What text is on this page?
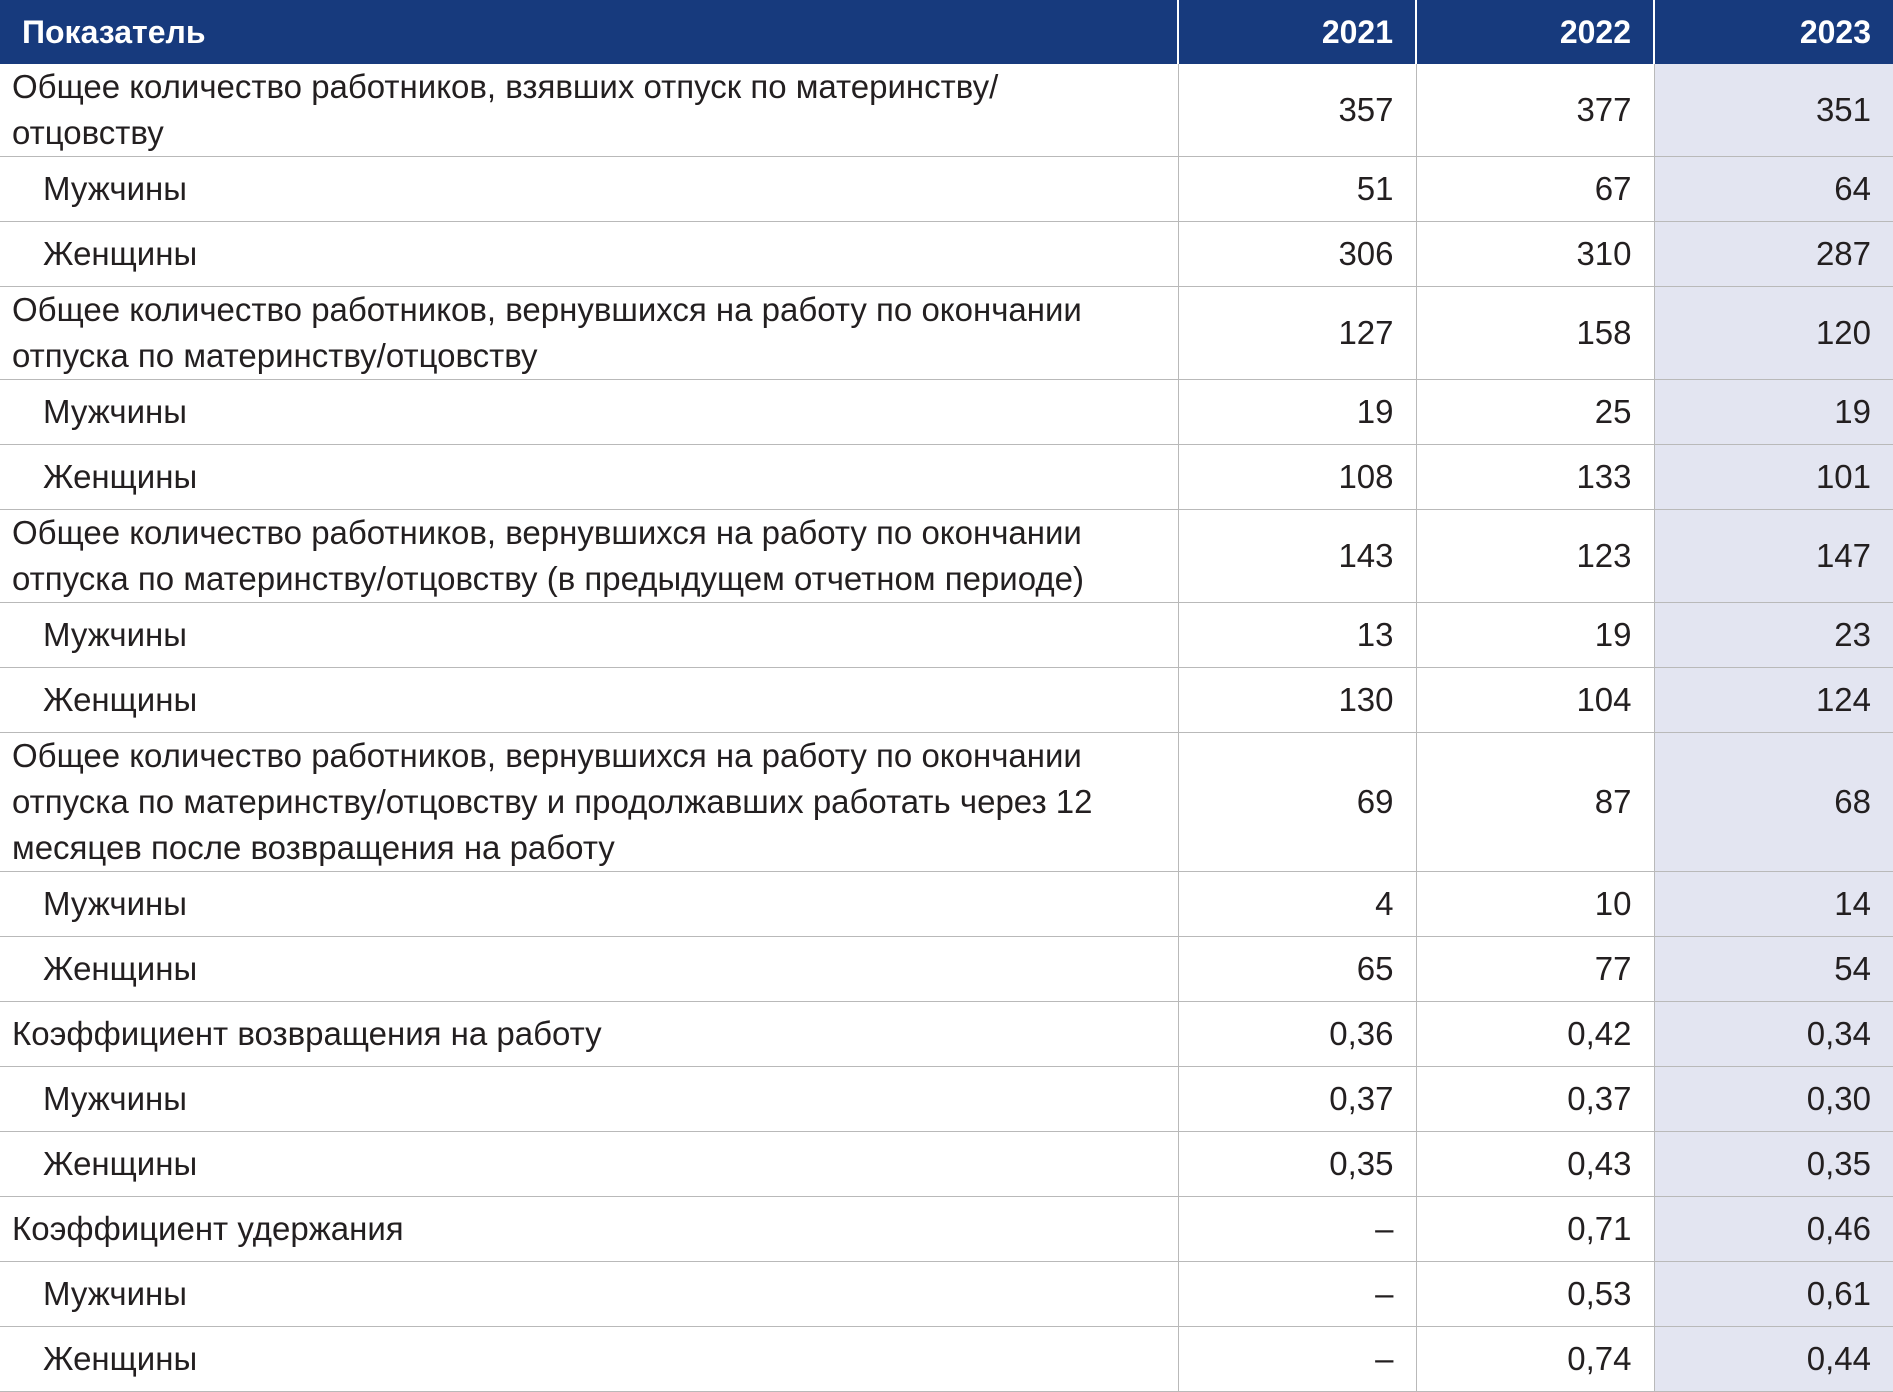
Показатель	2021	2022	2023
Общее количество работников, взявших отпуск по материнству/ отцовству	357	377	351
Мужчины	51	67	64
Женщины	306	310	287
Общее количество работников, вернувшихся на работу по окончании отпуска по материнству/отцовству	127	158	120
Мужчины	19	25	19
Женщины	108	133	101
Общее количество работников, вернувшихся на работу по окончании отпуска по материнству/отцовству (в предыдущем отчетном периоде)	143	123	147
Мужчины	13	19	23
Женщины	130	104	124
Общее количество работников, вернувшихся на работу по окончании отпуска по материнству/отцовству и продолжавших работать через 12 месяцев после возвращения на работу	69	87	68
Мужчины	4	10	14
Женщины	65	77	54
Коэффициент возвращения на работу	0,36	0,42	0,34
Мужчины	0,37	0,37	0,30
Женщины	0,35	0,43	0,35
Коэффициент удержания	–	0,71	0,46
Мужчины	–	0,53	0,61
Женщины	–	0,74	0,44
